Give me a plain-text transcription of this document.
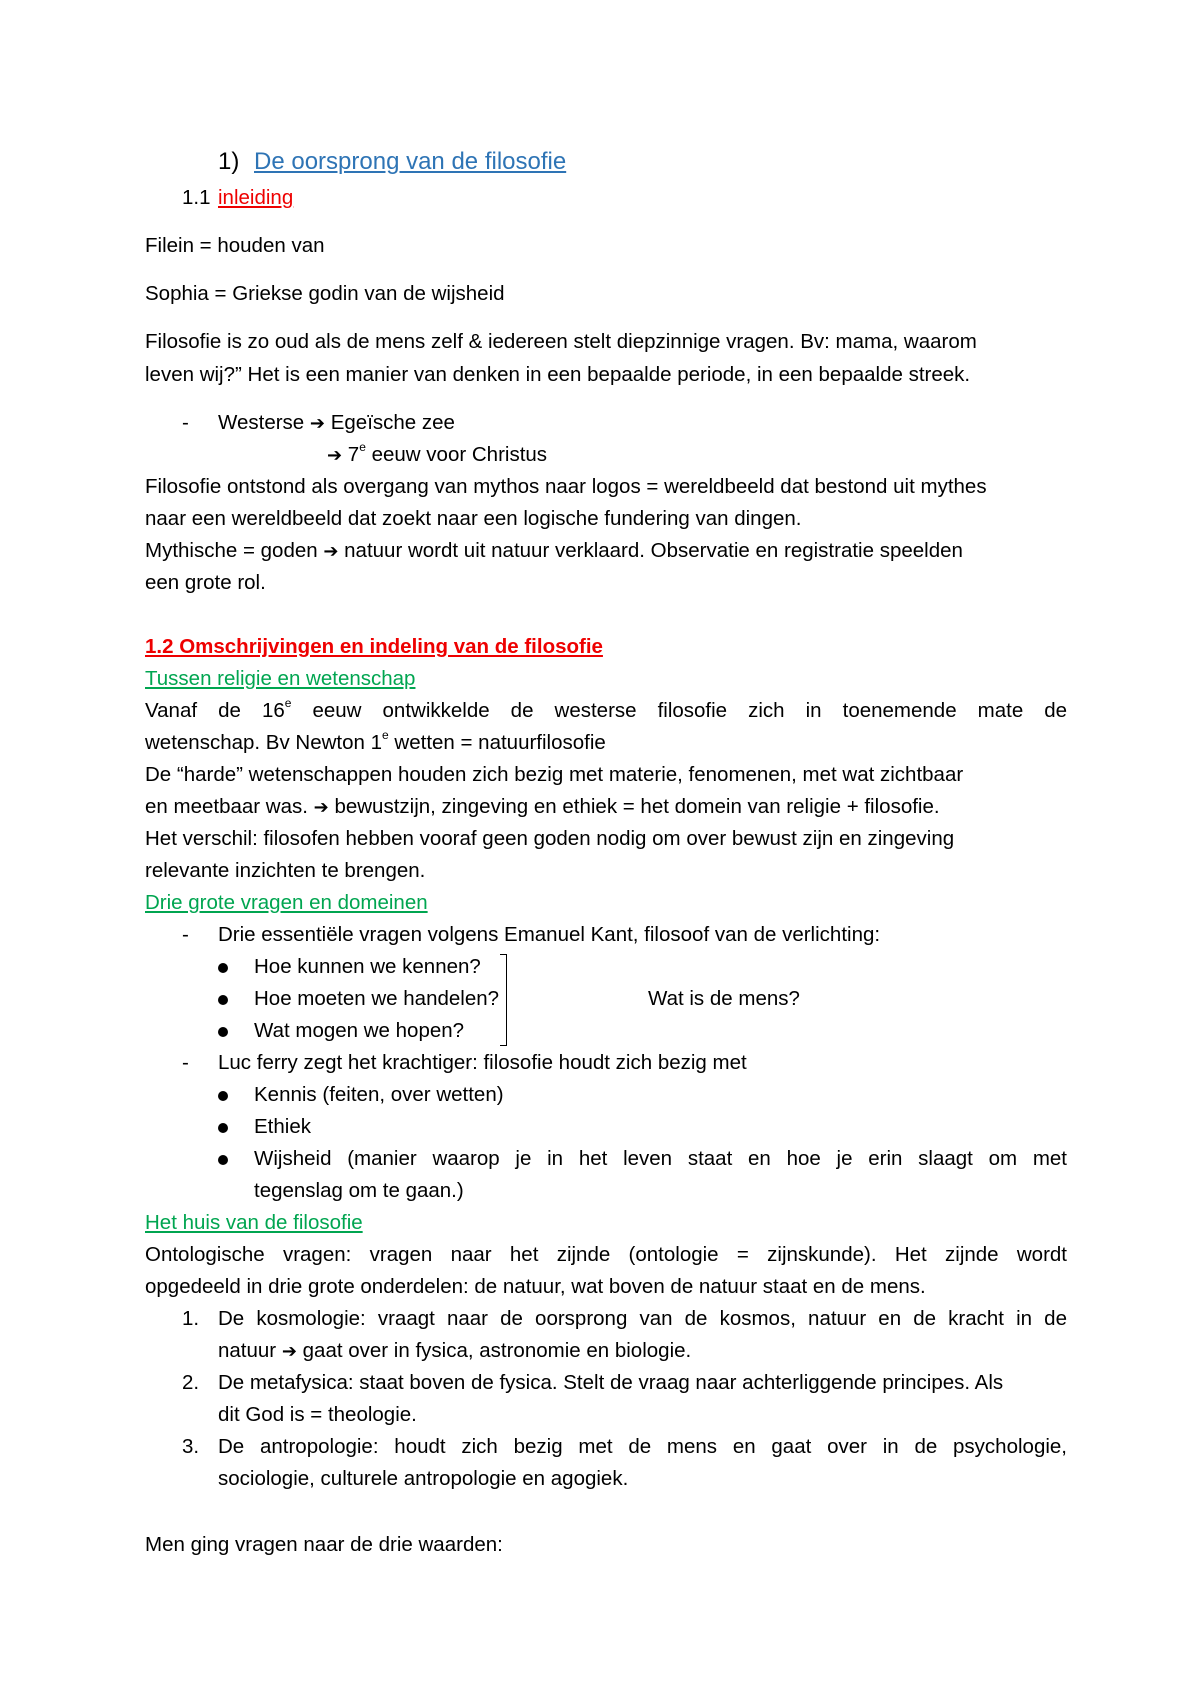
1) De oorsprong van de filosofie
1.1 inleiding
Filein = houden van
Sophia = Griekse godin van de wijsheid
Filosofie is zo oud als de mens zelf & iedereen stelt diepzinnige vragen. Bv: mama, waarom
leven wij?” Het is een manier van denken in een bepaalde periode, in een bepaalde streek.
- Westerse ➔ Egeïsche zee
➔ 7e eeuw voor Christus
Filosofie ontstond als overgang van mythos naar logos = wereldbeeld dat bestond uit mythes
naar een wereldbeeld dat zoekt naar een logische fundering van dingen.
Mythische = goden ➔ natuur wordt uit natuur verklaard. Observatie en registratie speelden
een grote rol.
1.2 Omschrijvingen en indeling van de filosofie
Tussen religie en wetenschap
Vanaf de 16e eeuw ontwikkelde de westerse filosofie zich in toenemende mate de
wetenschap. Bv Newton 1e wetten = natuurfilosofie
De “harde” wetenschappen houden zich bezig met materie, fenomenen, met wat zichtbaar
en meetbaar was. ➔ bewustzijn, zingeving en ethiek = het domein van religie + filosofie.
Het verschil: filosofen hebben vooraf geen goden nodig om over bewust zijn en zingeving
relevante inzichten te brengen.
Drie grote vragen en domeinen
- Drie essentiële vragen volgens Emanuel Kant, filosoof van de verlichting:
Hoe kunnen we kennen?
Hoe moeten we handelen?
Wat mogen we hopen?
Wat is de mens?
- Luc ferry zegt het krachtiger: filosofie houdt zich bezig met
Kennis (feiten, over wetten)
Ethiek
Wijsheid (manier waarop je in het leven staat en hoe je erin slaagt om met
tegenslag om te gaan.)
Het huis van de filosofie
Ontologische vragen: vragen naar het zijnde (ontologie = zijnskunde). Het zijnde wordt
opgedeeld in drie grote onderdelen: de natuur, wat boven de natuur staat en de mens.
1. De kosmologie: vraagt naar de oorsprong van de kosmos, natuur en de kracht in de
natuur ➔ gaat over in fysica, astronomie en biologie.
2. De metafysica: staat boven de fysica. Stelt de vraag naar achterliggende principes. Als
dit God is = theologie.
3. De antropologie: houdt zich bezig met de mens en gaat over in de psychologie,
sociologie, culturele antropologie en agogiek.
Men ging vragen naar de drie waarden:
